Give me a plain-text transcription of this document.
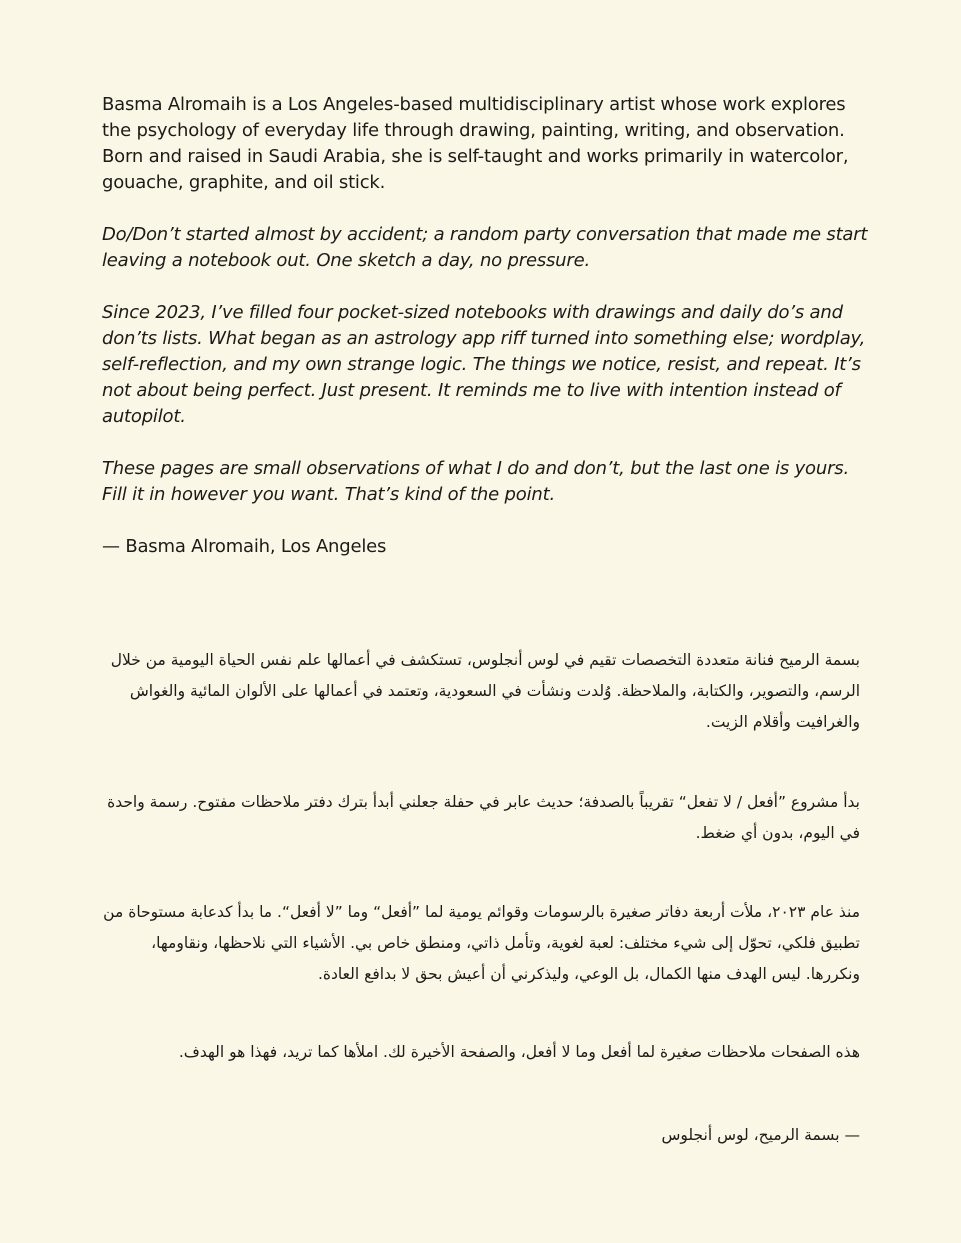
Basma Alromaih is a Los Angeles-based multidisciplinary artist whose work explores the psychology of everyday life through drawing, painting, writing, and observation. Born and raised in Saudi Arabia, she is self-taught and works primarily in watercolor, gouache, graphite, and oil stick.

Do/Don’t started almost by accident; a random party conversation that made me start leaving a notebook out. One sketch a day, no pressure.

Since 2023, I’ve filled four pocket-sized notebooks with drawings and daily do’s and don’ts lists. What began as an astrology app riff turned into something else; wordplay, self-reflection, and my own strange logic. The things we notice, resist, and repeat. It’s not about being perfect. Just present. It reminds me to live with intention instead of autopilot.

These pages are small observations of what I do and don’t, but the last one is yours. Fill it in however you want. That’s kind of the point.

— Basma Alromaih, Los Angeles

بسمة الرميح فنانة متعددة التخصصات تقيم في لوس أنجلوس، تستكشف في أعمالها علم نفس الحياة اليومية من خلال الرسم، والتصوير، والكتابة، والملاحظة. وُلدت ونشأت في السعودية، وتعتمد في أعمالها على الألوان المائية والغواش والغرافيت وأقلام الزيت.

بدأ مشروع ”أفعل / لا تفعل“ تقريباً بالصدفة؛ حديث عابر في حفلة جعلني أبدأ بترك دفتر ملاحظات مفتوح. رسمة واحدة في اليوم، بدون أي ضغط.

منذ عام ٢٠٢٣، ملأت أربعة دفاتر صغيرة بالرسومات وقوائم يومية لما ”أفعل“ وما ”لا أفعل“. ما بدأ كدعابة مستوحاة من تطبيق فلكي، تحوّل إلى شيء مختلف: لعبة لغوية، وتأمل ذاتي، ومنطق خاص بي. الأشياء التي نلاحظها، ونقاومها، ونكررها. ليس الهدف منها الكمال، بل الوعي، وليذكرني أن أعيش بحق لا بدافع العادة.

هذه الصفحات ملاحظات صغيرة لما أفعل وما لا أفعل، والصفحة الأخيرة لك. املأها كما تريد، فهذا هو الهدف.

— بسمة الرميح، لوس أنجلوس
